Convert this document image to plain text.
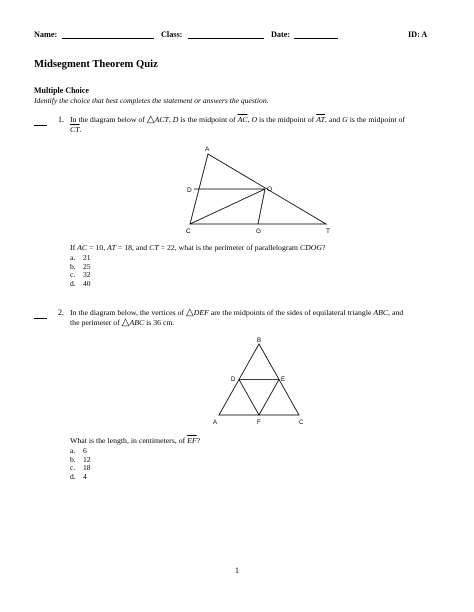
Name:	Class:	Date:	ID: A
Midsegment Theorem Quiz
Multiple Choice
Identify the choice that best completes the statement or answers the question.
1. In the diagram below of △ACT, D is the midpoint of $\overline{AC}$, O is the midpoint of $\overline{AT}$, and G is the midpoint of
$\overline{CT}$.
A
D	O
C	G	T
If AC = 10, AT = 18, and CT = 22, what is the perimeter of parallelogram CDOG?
a. 21
b. 25
c. 32
d. 40
2. In the diagram below, the vertices of △DEF are the midpoints of the sides of equilateral triangle ABC, and
the perimeter of △ABC is 36 cm.
B
D	E
A	F	C
What is the length, in centimeters, of $\overline{EF}$?
a. 6
b. 12
c. 18
d. 4
1
